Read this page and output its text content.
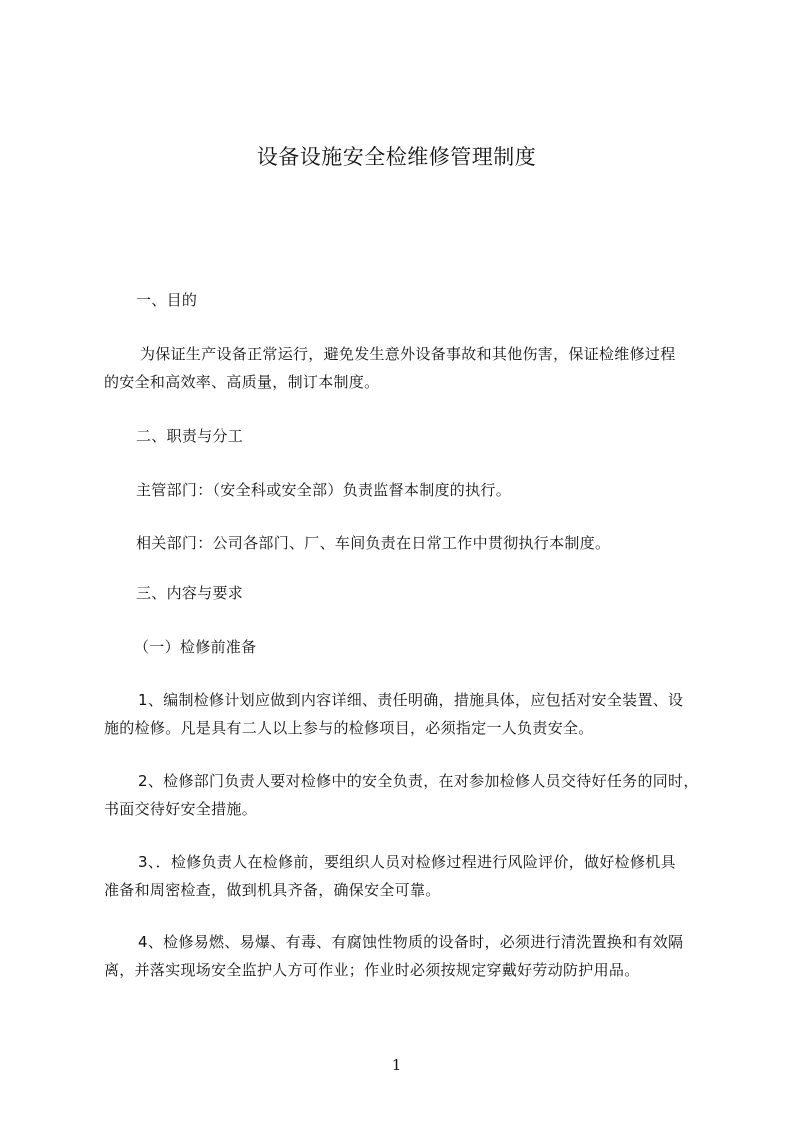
设备设施安全检维修管理制度
一、目的
为保证生产设备正常运行，避免发生意外设备事故和其他伤害，保证检维修过程
的安全和高效率、高质量，制订本制度。
二、职责与分工
主管部门：（安全科或安全部）负责监督本制度的执行。
相关部门：公司各部门、厂、车间负责在日常工作中贯彻执行本制度。
三、内容与要求
（一）检修前准备
1、编制检修计划应做到内容详细、责任明确，措施具体，应包括对安全装置、设
施的检修。凡是具有二人以上参与的检修项目，必须指定一人负责安全。
2、检修部门负责人要对检修中的安全负责，在对参加检修人员交待好任务的同时，
书面交待好安全措施。
3、．检修负责人在检修前，要组织人员对检修过程进行风险评价，做好检修机具
准备和周密检查，做到机具齐备，确保安全可靠。
4、检修易燃、易爆、有毒、有腐蚀性物质的设备时，必须进行清洗置换和有效隔
离，并落实现场安全监护人方可作业；作业时必须按规定穿戴好劳动防护用品。
1
